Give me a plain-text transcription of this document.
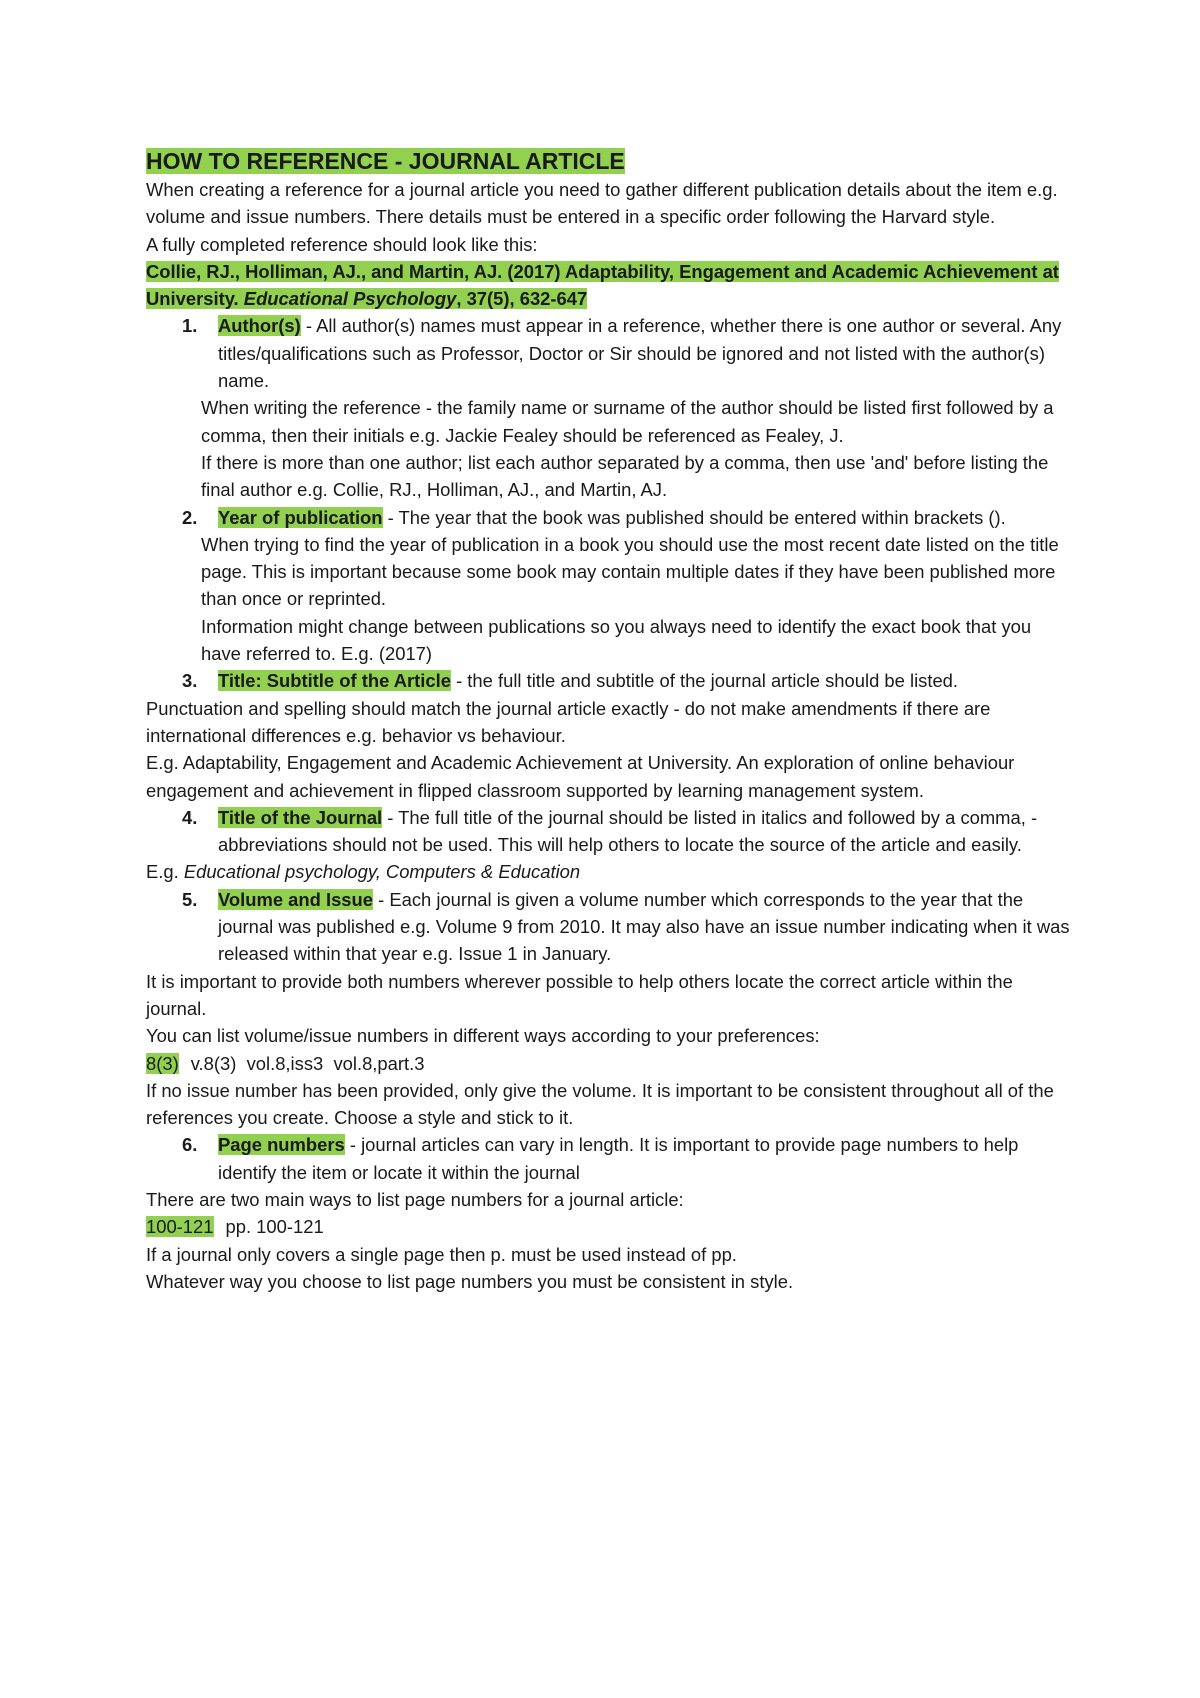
HOW TO REFERENCE - JOURNAL ARTICLE

When creating a reference for a journal article you need to gather different publication details about the item e.g. volume and issue numbers. There details must be entered in a specific order following the Harvard style.

A fully completed reference should look like this:

Collie, RJ., Holliman, AJ., and Martin, AJ. (2017) Adaptability, Engagement and Academic Achievement at University. Educational Psychology, 37(5), 632-647

1. Author(s) - All author(s) names must appear in a reference, whether there is one author or several. Any titles/qualifications such as Professor, Doctor or Sir should be ignored and not listed with the author(s) name.

When writing the reference - the family name or surname of the author should be listed first followed by a comma, then their initials e.g. Jackie Fealey should be referenced as Fealey, J.

If there is more than one author; list each author separated by a comma, then use 'and' before listing the final author e.g. Collie, RJ., Holliman, AJ., and Martin, AJ.

2. Year of publication - The year that the book was published should be entered within brackets ().

When trying to find the year of publication in a book you should use the most recent date listed on the title page. This is important because some book may contain multiple dates if they have been published more than once or reprinted.

Information might change between publications so you always need to identify the exact book that you have referred to. E.g. (2017)

3. Title: Subtitle of the Article - the full title and subtitle of the journal article should be listed.

Punctuation and spelling should match the journal article exactly - do not make amendments if there are international differences e.g. behavior vs behaviour.

E.g. Adaptability, Engagement and Academic Achievement at University. An exploration of online behaviour engagement and achievement in flipped classroom supported by learning management system.

4. Title of the Journal - The full title of the journal should be listed in italics and followed by a comma, - abbreviations should not be used. This will help others to locate the source of the article and easily.

E.g. Educational psychology, Computers & Education

5. Volume and Issue - Each journal is given a volume number which corresponds to the year that the journal was published e.g. Volume 9 from 2010. It may also have an issue number indicating when it was released within that year e.g. Issue 1 in January.

It is important to provide both numbers wherever possible to help others locate the correct article within the journal.

You can list volume/issue numbers in different ways according to your preferences:

8(3) v.8(3)  vol.8,iss3  vol.8,part.3

If no issue number has been provided, only give the volume. It is important to be consistent throughout all of the references you create. Choose a style and stick to it.

6. Page numbers - journal articles can vary in length. It is important to provide page numbers to help identify the item or locate it within the journal

There are two main ways to list page numbers for a journal article:

100-121 pp. 100-121

If a journal only covers a single page then p. must be used instead of pp.

Whatever way you choose to list page numbers you must be consistent in style.
